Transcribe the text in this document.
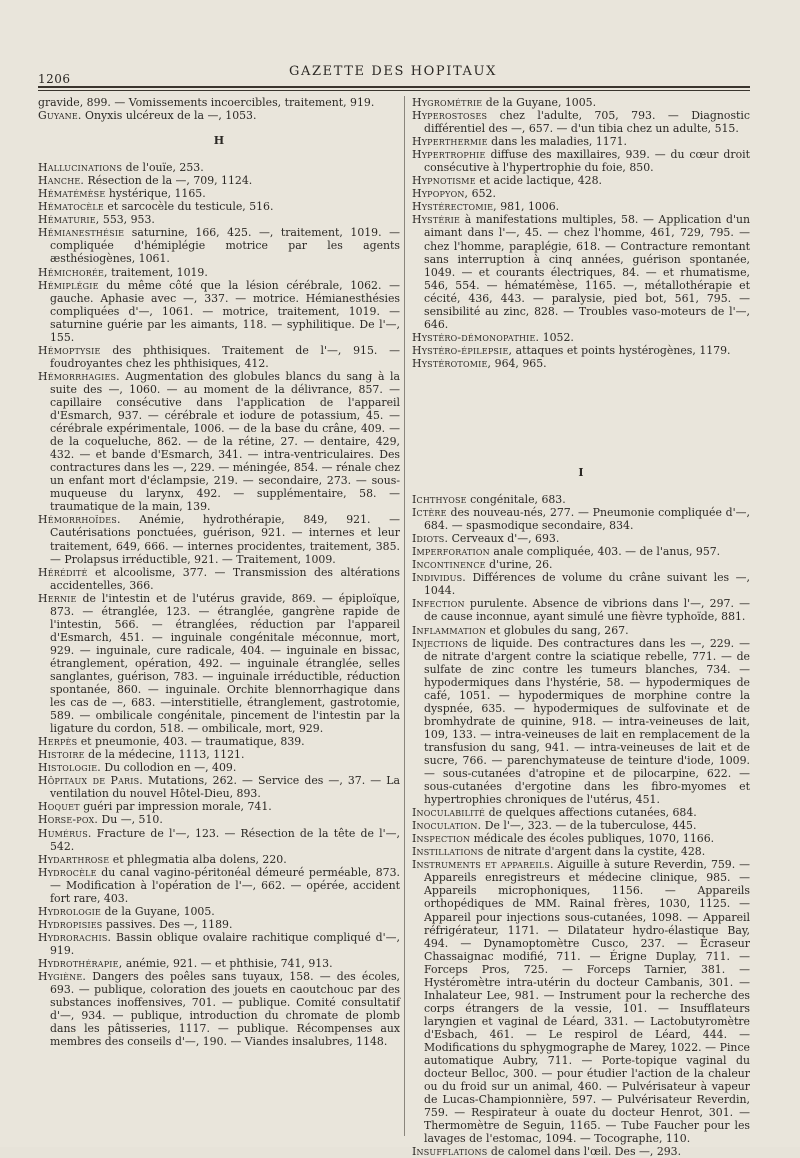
1206	GAZETTE DES HOPITAUX

gravide, 899. — Vomissements incoercibles, traitement, 919.

Guyane. Onyxis ulcéreux de la —, 1053.

H

Hallucinations de l'ouïe, 253.

Hanche. Résection de la —, 709, 1124.

Hématémèse hystérique, 1165.

Hématocèle et sarcocèle du testicule, 516.

Hématurie, 553, 953.

Hémianesthésie saturnine, 166, 425. —, traitement, 1019. — compliquée d'hémiplégie motrice par les agents æsthésiogènes, 1061.

Hémichorée, traitement, 1019.

Hémiplégie du même côté que la lésion cérébrale, 1062. — gauche. Aphasie avec —, 337. — motrice. Hémianesthésies compliquées d'—, 1061. — motrice, traitement, 1019. — saturnine guérie par les aimants, 118. — syphilitique. De l'—, 155.

Hémoptysie des phthisiques. Traitement de l'—, 915. — foudroyantes chez les phthisiques, 412.

Hémorrhagies. Augmentation des globules blancs du sang à la suite des —, 1060. — au moment de la délivrance, 857. — capillaire consécutive dans l'application de l'appareil d'Esmarch, 937. — cérébrale et iodure de potassium, 45. — cérébrale expérimentale, 1006. — de la base du crâne, 409. — de la coqueluche, 862. — de la rétine, 27. — dentaire, 429, 432. — et bande d'Esmarch, 341. — intra-ventriculaires. Des contractures dans les —, 229. — méningée, 854. — rénale chez un enfant mort d'éclampsie, 219. — secondaire, 273. — sous-muqueuse du larynx, 492. — supplémentaire, 58. — traumatique de la main, 139.

Hémorrhoïdes. Anémie, hydrothérapie, 849, 921. — Cautérisations ponctuées, guérison, 921. — internes et leur traitement, 649, 666. — internes procidentes, traitement, 385. — Prolapsus irréductible, 921. — Traitement, 1009.

Hérédité et alcoolisme, 377. — Transmission des altérations accidentelles, 366.

Hernie de l'intestin et de l'utérus gravide, 869. — épiploïque, 873. — étranglée, 123. — étranglée, gangrène rapide de l'intestin, 566. — étranglées, réduction par l'appareil d'Esmarch, 451. — inguinale congénitale méconnue, mort, 929. — inguinale, cure radicale, 404. — inguinale en bissac, étranglement, opération, 492. — inguinale étranglée, selles sanglantes, guérison, 783. — inguinale irréductible, réduction spontanée, 860. — inguinale. Orchite blennorrhagique dans les cas de —, 683. —interstitielle, étranglement, gastrotomie, 589. — ombilicale congénitale, pincement de l'intestin par la ligature du cordon, 518. — ombilicale, mort, 929.

Herpès et pneumonie, 403. — traumatique, 839.

Histoire de la médecine, 1113, 1121.

Histologie. Du collodion en —, 409.

Hôpitaux de Paris. Mutations, 262. — Service des —, 37. — La ventilation du nouvel Hôtel-Dieu, 893.

Hoquet guéri par impression morale, 741.

Horse-pox. Du —, 510.

Humérus. Fracture de l'—, 123. — Résection de la tête de l'—, 542.

Hydarthrose et phlegmatia alba dolens, 220.

Hydrocèle du canal vagino-péritonéal démeuré perméable, 873. — Modification à l'opération de l'—, 662. — opérée, accident fort rare, 403.

Hydrologie de la Guyane, 1005.

Hydropisies passives. Des —, 1189.

Hydrorachis. Bassin oblique ovalaire rachitique compliqué d'—, 919.

Hydrothérapie, anémie, 921. — et phthisie, 741, 913.

Hygiène. Dangers des poêles sans tuyaux, 158. — des écoles, 693. — publique, coloration des jouets en caoutchouc par des substances inoffensives, 701. — publique. Comité consultatif d'—, 934. — publique, introduction du chromate de plomb dans les pâtisseries, 1117. — publique. Récompenses aux membres des conseils d'—, 190. — Viandes insalubres, 1148.

Hygrométrie de la Guyane, 1005.

Hyperostoses chez l'adulte, 705, 793. — Diagnostic différentiel des —, 657. — d'un tibia chez un adulte, 515.

Hyperthermie dans les maladies, 1171.

Hypertrophie diffuse des maxillaires, 939. — du cœur droit consécutive à l'hypertrophie du foie, 850.

Hypnotisme et acide lactique, 428.

Hypopyon, 652.

Hystérectomie, 981, 1006.

Hystérie à manifestations multiples, 58. — Application d'un aimant dans l'—, 45. — chez l'homme, 461, 729, 795. — chez l'homme, paraplégie, 618. — Contracture remontant sans interruption à cinq années, guérison spontanée, 1049. — et courants électriques, 84. — et rhumatisme, 546, 554. — hématémèse, 1165. —, métallothérapie et cécité, 436, 443. — paralysie, pied bot, 561, 795. — sensibilité au zinc, 828. — Troubles vaso-moteurs de l'—, 646.

Hystéro-démonopathie. 1052.

Hystéro-épilepsie, attaques et points hystérogènes, 1179.

Hystérotomie, 964, 965.

I

Ichthyose congénitale, 683.

Ictère des nouveau-nés, 277. — Pneumonie compliquée d'—, 684. — spasmodique secondaire, 834.

Idiots. Cerveaux d'—, 693.

Imperforation anale compliquée, 403. — de l'anus, 957.

Incontinence d'urine, 26.

Individus. Différences de volume du crâne suivant les —, 1044.

Infection purulente. Absence de vibrions dans l'—, 297. — de cause inconnue, ayant simulé une fièvre typhoïde, 881.

Inflammation et globules du sang, 267.

Injections de liquide. Des contractures dans les —, 229. — de nitrate d'argent contre la sciatique rebelle, 771. — de sulfate de zinc contre les tumeurs blanches, 734. — hypodermiques dans l'hystérie, 58. — hypodermiques de café, 1051. — hypodermiques de morphine contre la dyspnée, 635. — hypodermiques de sulfovinate et de bromhydrate de quinine, 918. — intra-veineuses de lait, 109, 133. — intra-veineuses de lait en remplacement de la transfusion du sang, 941. — intra-veineuses de lait et de sucre, 766. — parenchymateuse de teinture d'iode, 1009. — sous-cutanées d'atropine et de pilocarpine, 622. — sous-cutanées d'ergotine dans les fibro-myomes et hypertrophies chroniques de l'utérus, 451.

Inoculabilité de quelques affections cutanées, 684.

Inoculation. De l'—, 323. — de la tuberculose, 445.

Inspection médicale des écoles publiques, 1070, 1166.

Instillations de nitrate d'argent dans la cystite, 428.

Instruments et appareils. Aiguille à suture Reverdin, 759. — Appareils enregistreurs et médecine clinique, 985. — Appareils microphoniques, 1156. — Appareils orthopédiques de MM. Rainal frères, 1030, 1125. — Appareil pour injections sous-cutanées, 1098. — Appareil réfrigérateur, 1171. — Dilatateur hydro-élastique Bay, 494. — Dynamoptomètre Cusco, 237. — Écraseur Chassaignac modifié, 711. — Érigne Duplay, 711. — Forceps Pros, 725. — Forceps Tarnier, 381. — Hystéromètre intra-utérin du docteur Cambanis, 301. — Inhalateur Lee, 981. — Instrument pour la recherche des corps étrangers de la vessie, 101. — Insufflateurs laryngien et vaginal de Léard, 331. — Lactobutyromètre d'Esbach, 461. — Le respirol de Léard, 444. — Modifications du sphygmographe de Marey, 1022. — Pince automatique Aubry, 711. — Porte-topique vaginal du docteur Belloc, 300. — pour étudier l'action de la chaleur ou du froid sur un animal, 460. — Pulvérisateur à vapeur de Lucas-Championnière, 597. — Pulvérisateur Reverdin, 759. — Respirateur à ouate du docteur Henrot, 301. — Thermomètre de Seguin, 1165. — Tube Faucher pour les lavages de l'estomac, 1094. — Tocographe, 110.

Insufflations de calomel dans l'œil. Des —, 293.
